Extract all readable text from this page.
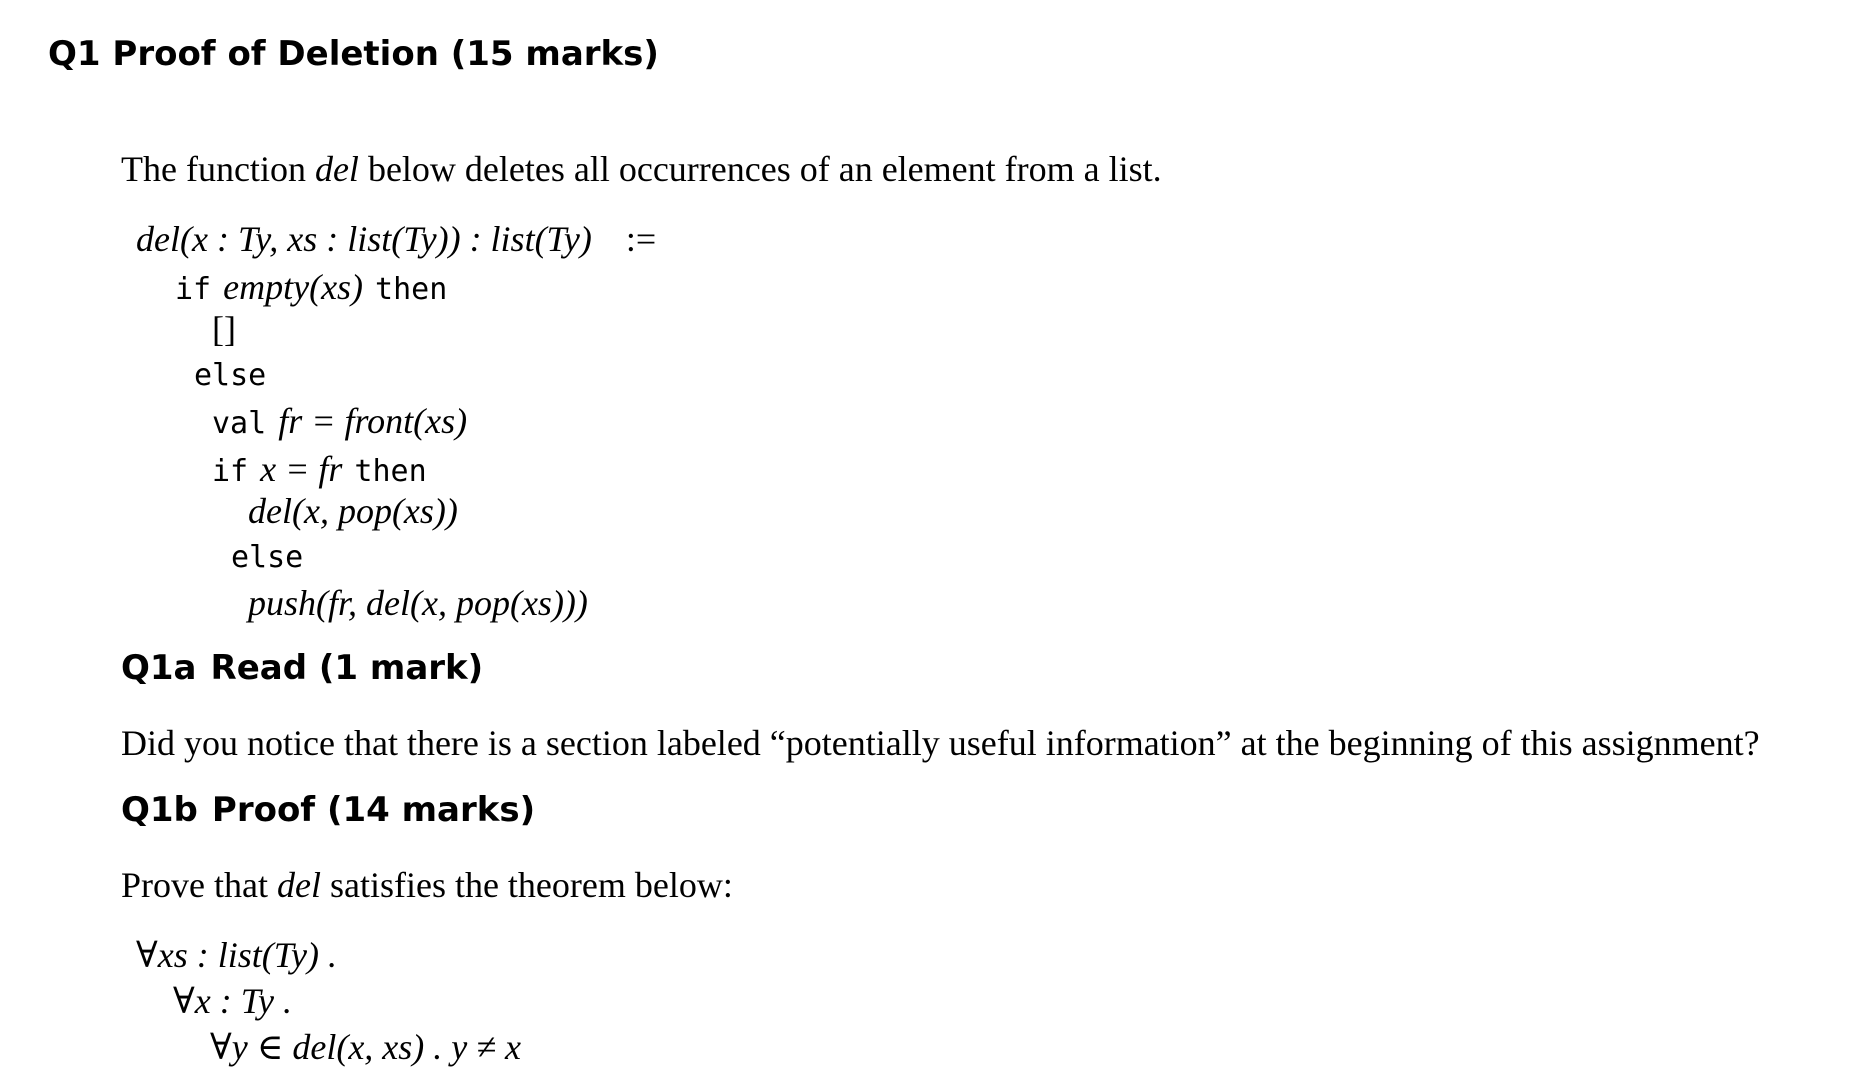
Q1 Proof of Deletion (15 marks)
The function del below deletes all occurrences of an element from a list.
del(x : Ty, xs : list(Ty)) : list(Ty) :=
if empty(xs) then
[]
else
val fr = front(xs)
if x = fr then
del(x, pop(xs))
else
push(fr, del(x, pop(xs)))
Q1a Read (1 mark)
Did you notice that there is a section labeled “potentially useful information” at the beginning of this assignment?
Q1b Proof (14 marks)
Prove that del satisfies the theorem below:
∀xs : list(Ty) .
∀x : Ty .
∀y ∈ del(x, xs) . y ≠ x
